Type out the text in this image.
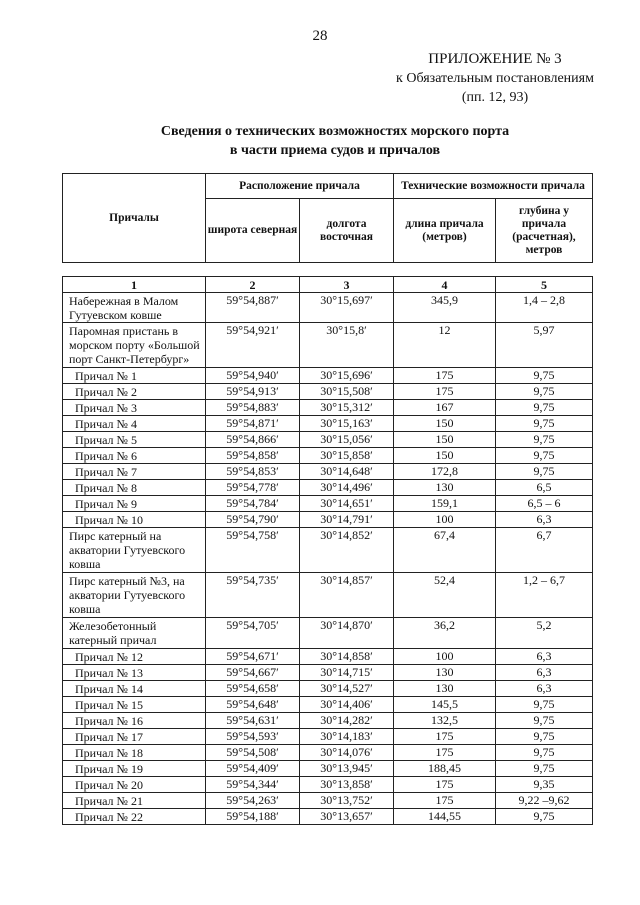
28
ПРИЛОЖЕНИЕ № 3
к Обязательным постановлениям
(пп. 12, 93)
Сведения о технических возможностях морского порта
в части приема судов и причалов
Причалы	Расположение причала		Технические возможности причала	
	широта северная	долгота восточная	длина причала (метров)	глубина у причала (расчетная), метров
1	2	3	4	5
Набережная в Малом Гутуевском ковше	59°54,887′	30°15,697′	345,9	1,4 – 2,8
Паромная пристань в морском порту «Большой порт Санкт-Петербург»	59°54,921′	30°15,8′	12	5,97
Причал № 1	59°54,940′	30°15,696′	175	9,75
Причал № 2	59°54,913′	30°15,508′	175	9,75
Причал № 3	59°54,883′	30°15,312′	167	9,75
Причал № 4	59°54,871′	30°15,163′	150	9,75
Причал № 5	59°54,866′	30°15,056′	150	9,75
Причал № 6	59°54,858′	30°15,858′	150	9,75
Причал № 7	59°54,853′	30°14,648′	172,8	9,75
Причал № 8	59°54,778′	30°14,496′	130	6,5
Причал № 9	59°54,784′	30°14,651′	159,1	6,5 – 6
Причал № 10	59°54,790′	30°14,791′	100	6,3
Пирс катерный на акватории Гутуевского ковша	59°54,758′	30°14,852′	67,4	6,7
Пирс катерный №3, на акватории Гутуевского ковша	59°54,735′	30°14,857′	52,4	1,2 – 6,7
Железобетонный катерный причал	59°54,705′	30°14,870′	36,2	5,2
Причал № 12	59°54,671′	30°14,858′	100	6,3
Причал № 13	59°54,667′	30°14,715′	130	6,3
Причал № 14	59°54,658′	30°14,527′	130	6,3
Причал № 15	59°54,648′	30°14,406′	145,5	9,75
Причал № 16	59°54,631′	30°14,282′	132,5	9,75
Причал № 17	59°54,593′	30°14,183′	175	9,75
Причал № 18	59°54,508′	30°14,076′	175	9,75
Причал № 19	59°54,409′	30°13,945′	188,45	9,75
Причал № 20	59°54,344′	30°13,858′	175	9,35
Причал № 21	59°54,263′	30°13,752′	175	9,22 –9,62
Причал № 22	59°54,188′	30°13,657′	144,55	9,75
